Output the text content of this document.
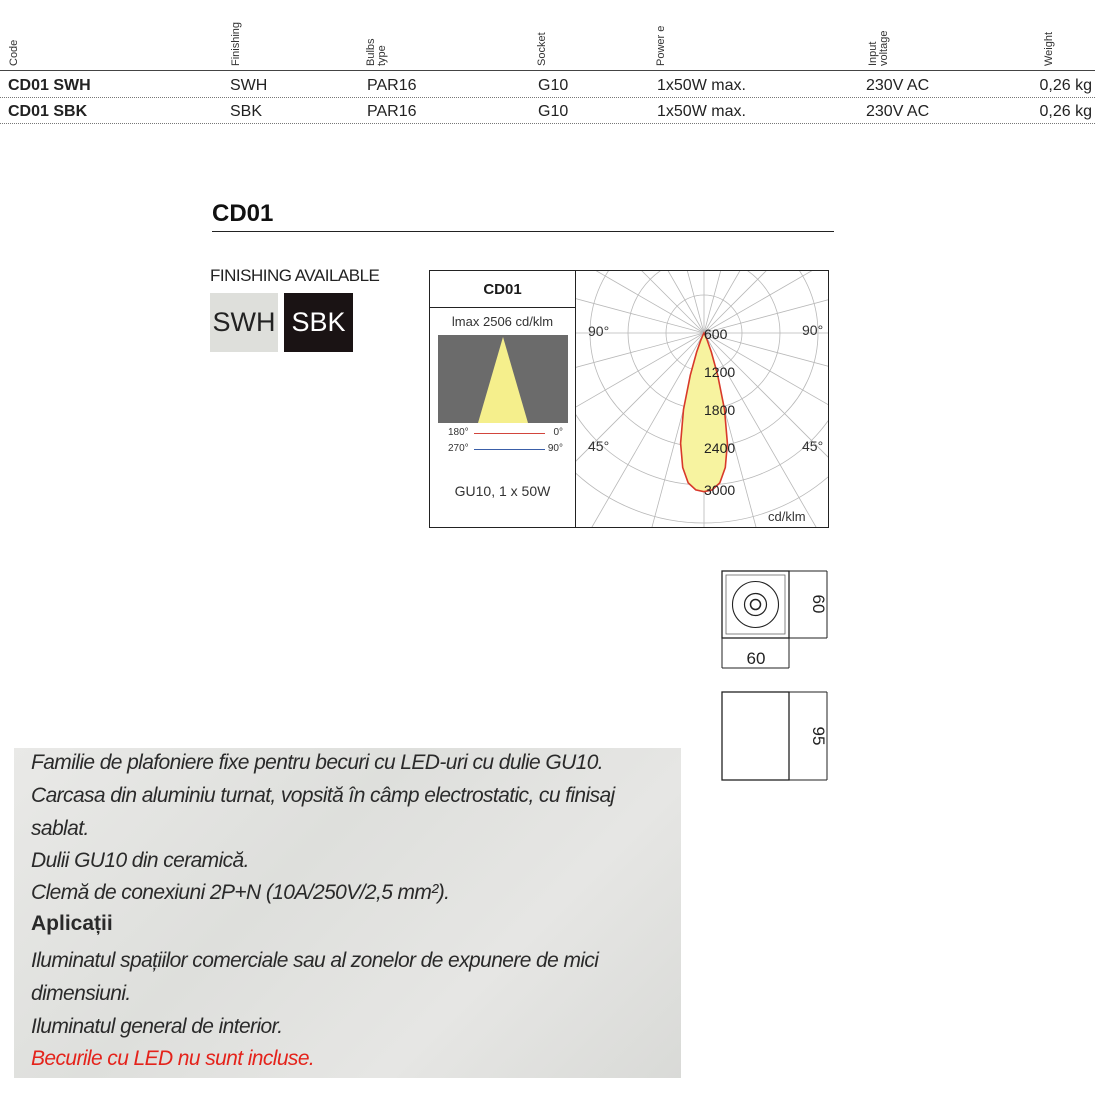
Code	Finishing	Bulbs type	Socket	Power e	Input voltage	Weight
CD01 SWH	SWH	PAR16	G10	1x50W max.	230V AC	0,26 kg
CD01 SBK	SBK	PAR16	G10	1x50W max.	230V AC	0,26 kg
CD01
FINISHING AVAILABLE
SWH SBK
CD01
lmax 2506 cd/klm
180°	0°
270°	90°
GU10, 1 x 50W
90°	90°
45°	45°
cd/klm
600
1200
1800
2400
3000
60
60
95
Familie de plafoniere fixe pentru becuri cu LED-uri cu dulie GU10.
Carcasa din aluminiu turnat, vopsită în câmp electrostatic, cu finisaj
sablat.
Dulii GU10 din ceramică.
Clemă de conexiuni 2P+N (10A/250V/2,5 mm²).
Aplicații
Iluminatul spațiilor comerciale sau al zonelor de expunere de mici
dimensiuni.
Iluminatul general de interior.
Becurile cu LED nu sunt incluse.
